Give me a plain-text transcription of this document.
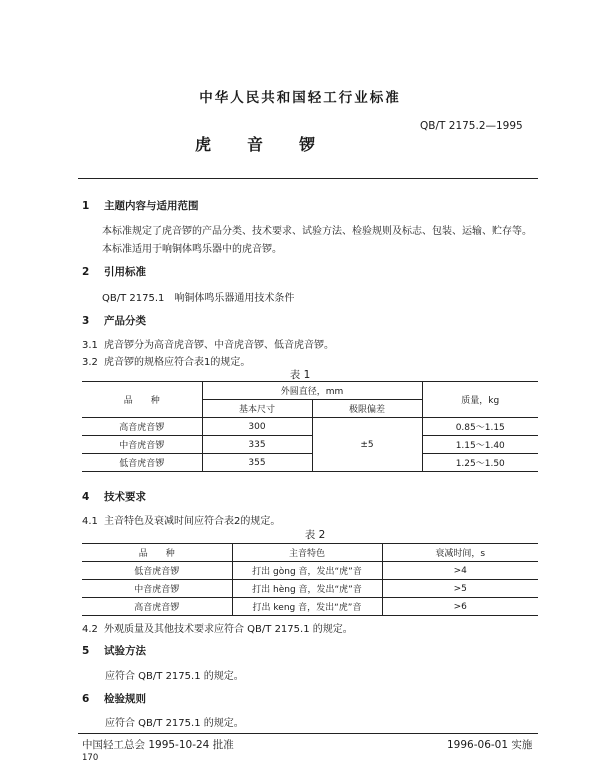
中华人民共和国轻工行业标准
QB/T 2175.2—1995
虎音锣
1 主题内容与适用范围
本标准规定了虎音锣的产品分类、技术要求、试验方法、检验规则及标志、包装、运输、贮存等。
本标准适用于响铜体鸣乐器中的虎音锣。
2 引用标准
QB/T 2175.1　响铜体鸣乐器通用技术条件
3 产品分类
3.1 虎音锣分为高音虎音锣、中音虎音锣、低音虎音锣。
3.2 虎音锣的规格应符合表1的规定。
表 1
品　　种	外圆直径，mm		质量，kg
	基本尺寸	极限偏差	
高音虎音锣	300	±5	0.85～1.15
中音虎音锣	335		1.15～1.40
低音虎音锣	355		1.25～1.50
4 技术要求
4.1 主音特色及衰减时间应符合表2的规定。
表 2
品　　种	主音特色	衰减时间，s
低音虎音锣	打出 gòng 音，发出“虎”音	>4
中音虎音锣	打出 hèng 音，发出“虎”音	>5
高音虎音锣	打出 keng 音，发出“虎”音	>6
4.2 外观质量及其他技术要求应符合 QB/T 2175.1 的规定。
5 试验方法
应符合 QB/T 2175.1 的规定。
6 检验规则
应符合 QB/T 2175.1 的规定。
中国轻工总会 1995-10-24 批准	1996-06-01 实施
170
